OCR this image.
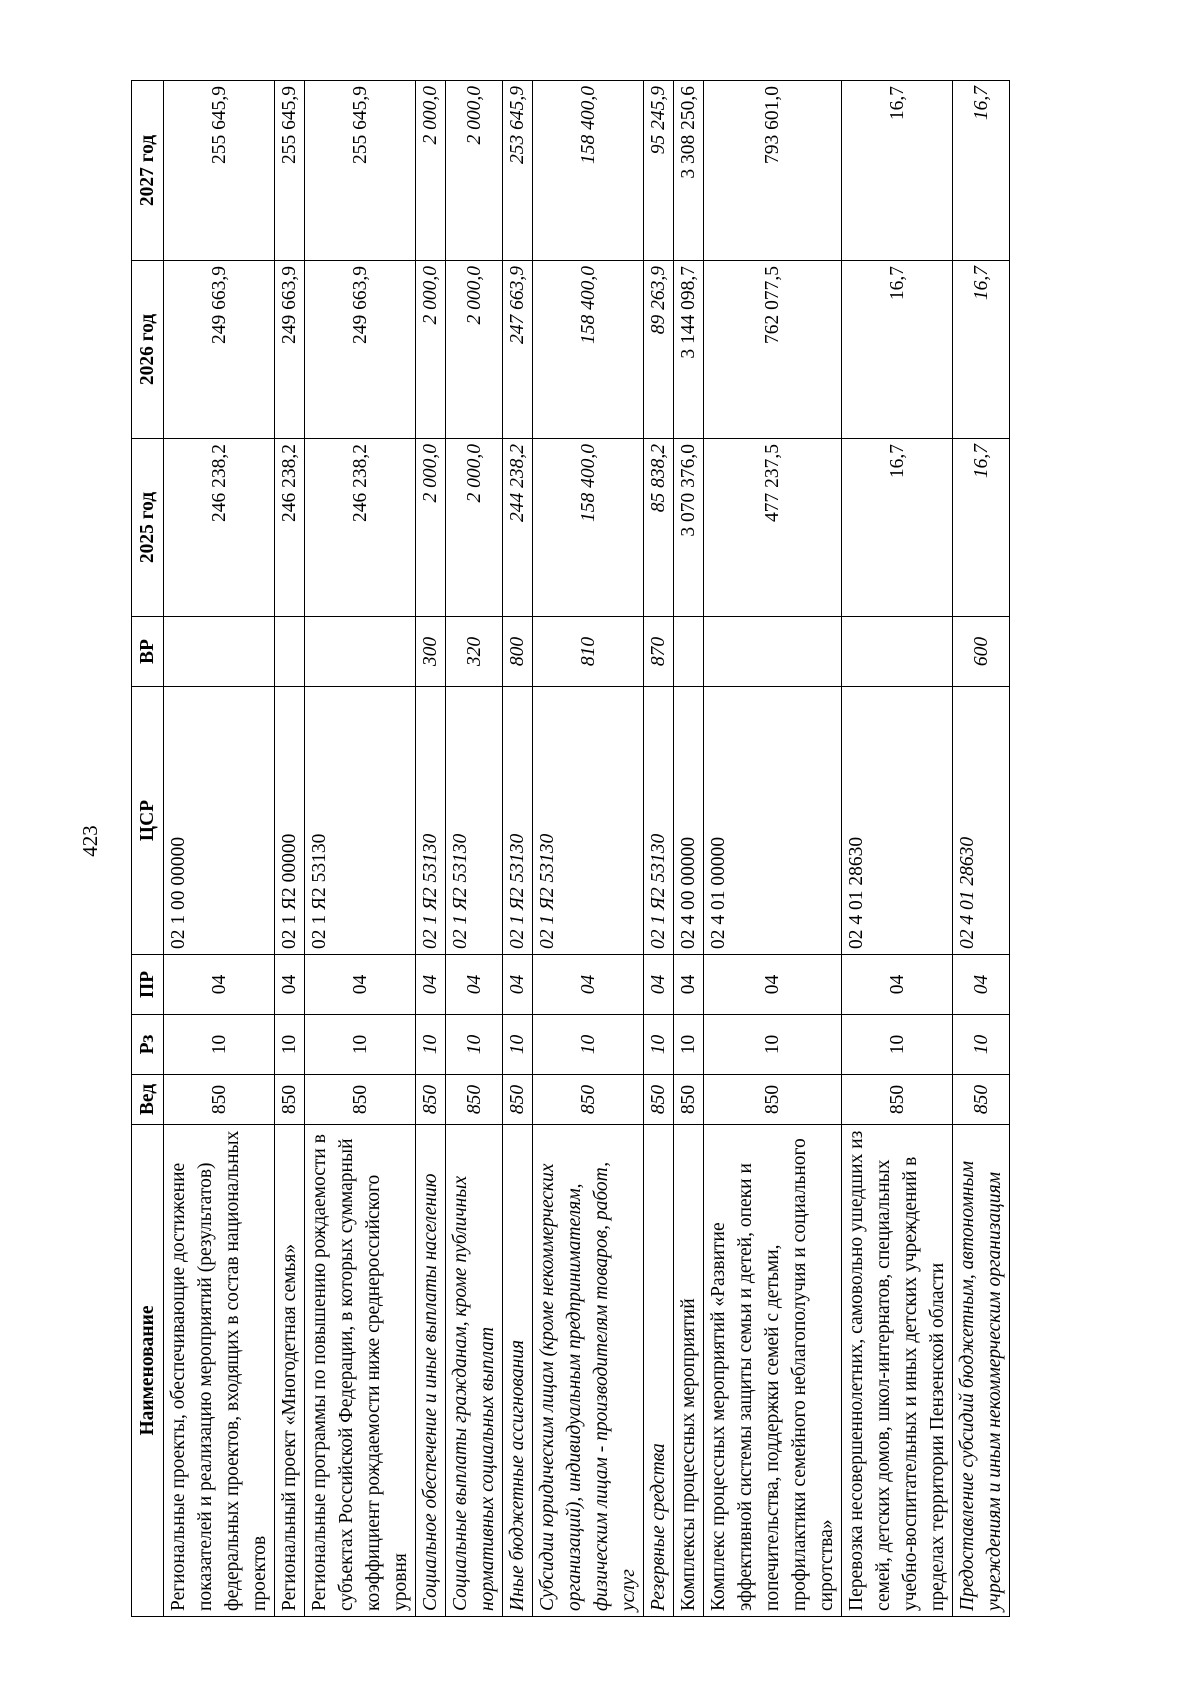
423
Наименование	Вед	Рз	ПР	ЦСР	ВР	2025 год	2026 год	2027 год
Региональные проекты, обеспечивающие достижение показателей и реализацию мероприятий (результатов) федеральных проектов, входящих в состав национальных проектов	850	10	04	02 1 00 00000		246 238,2	249 663,9	255 645,9
Региональный проект «Многодетная семья»	850	10	04	02 1 Я2 00000		246 238,2	249 663,9	255 645,9
Региональные программы по повышению рождаемости в субъектах Российской Федерации, в которых суммарный коэффициент рождаемости ниже среднероссийского уровня	850	10	04	02 1 Я2 53130		246 238,2	249 663,9	255 645,9
Социальное обеспечение и иные выплаты населению	850	10	04	02 1 Я2 53130	300	2 000,0	2 000,0	2 000,0
Социальные выплаты гражданам, кроме публичных нормативных социальных выплат	850	10	04	02 1 Я2 53130	320	2 000,0	2 000,0	2 000,0
Иные бюджетные ассигнования	850	10	04	02 1 Я2 53130	800	244 238,2	247 663,9	253 645,9
Субсидии юридическим лицам (кроме некоммерческих организаций), индивидуальным предпринимателям, физическим лицам - производителям товаров, работ, услуг	850	10	04	02 1 Я2 53130	810	158 400,0	158 400,0	158 400,0
Резервные средства	850	10	04	02 1 Я2 53130	870	85 838,2	89 263,9	95 245,9
Комплексы процессных мероприятий	850	10	04	02 4 00 00000		3 070 376,0	3 144 098,7	3 308 250,6
Комплекс процессных мероприятий «Развитие эффективной системы защиты семьи и детей, опеки и попечительства, поддержки семей с детьми, профилактики семейного неблагополучия и социального сиротства»	850	10	04	02 4 01 00000		477 237,5	762 077,5	793 601,0
Перевозка несовершеннолетних, самовольно ушедших из семей, детских домов, школ-интернатов, специальных учебно-воспитательных и иных детских учреждений в пределах территории Пензенской области	850	10	04	02 4 01 28630		16,7	16,7	16,7
Предоставление субсидий бюджетным, автономным учреждениям и иным некоммерческим организациям	850	10	04	02 4 01 28630	600	16,7	16,7	16,7
